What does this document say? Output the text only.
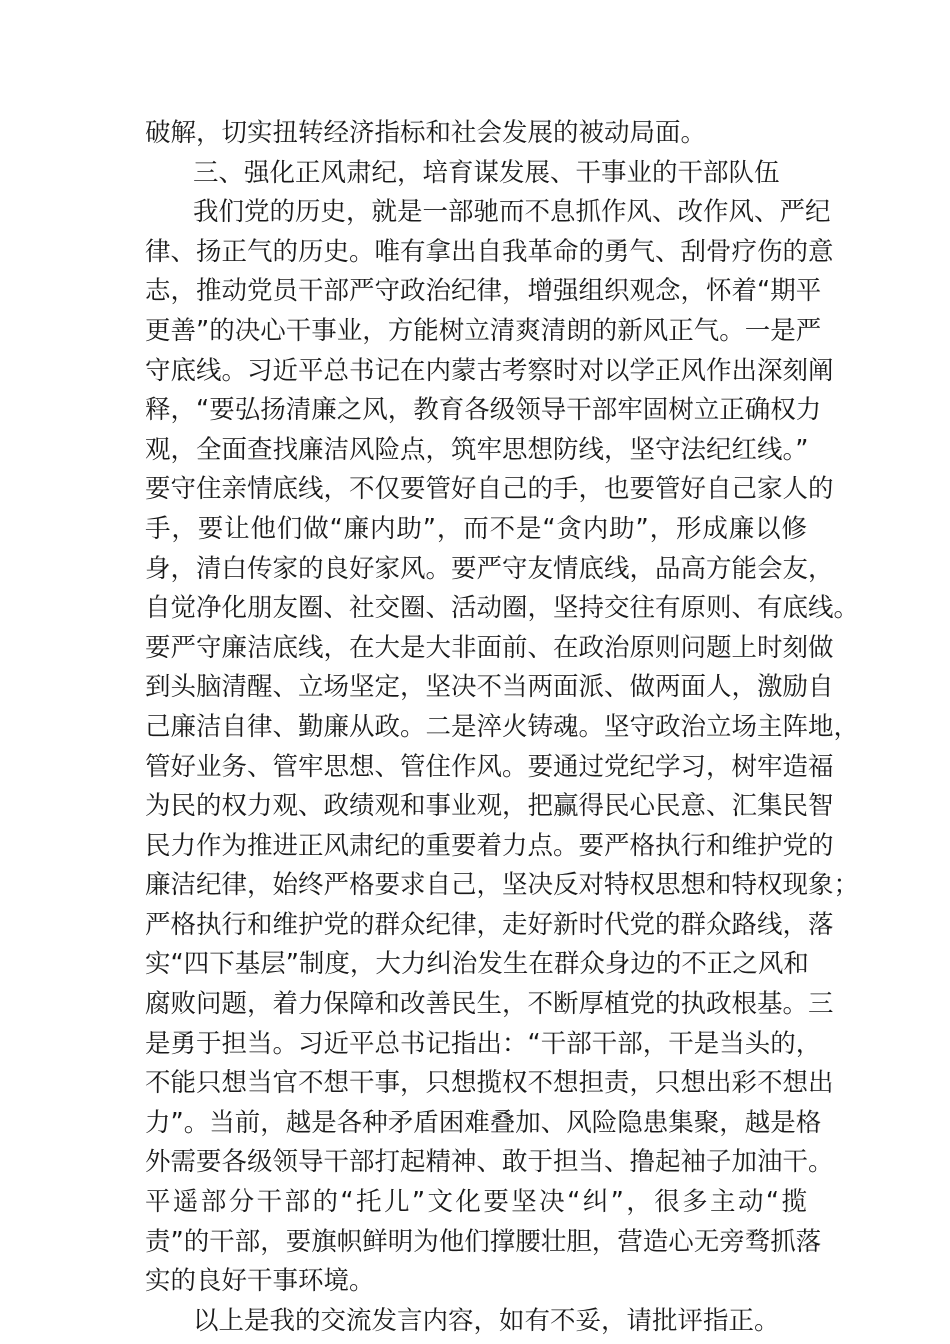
破解，切实扭转经济指标和社会发展的被动局面。
三、强化正风肃纪，培育谋发展、干事业的干部队伍
我们党的历史，就是一部驰而不息抓作风、改作风、严纪
律、扬正气的历史。唯有拿出自我革命的勇气、刮骨疗伤的意
志，推动党员干部严守政治纪律，增强组织观念，怀着“期平
更善”的决心干事业，方能树立清爽清朗的新风正气。一是严
守底线。习近平总书记在内蒙古考察时对以学正风作出深刻阐
释，“要弘扬清廉之风，教育各级领导干部牢固树立正确权力
观，全面查找廉洁风险点，筑牢思想防线，坚守法纪红线。”
要守住亲情底线，不仅要管好自己的手，也要管好自己家人的
手，要让他们做“廉内助”，而不是“贪内助”，形成廉以修
身，清白传家的良好家风。要严守友情底线，品高方能会友，
自觉净化朋友圈、社交圈、活动圈，坚持交往有原则、有底线。
要严守廉洁底线，在大是大非面前、在政治原则问题上时刻做
到头脑清醒、立场坚定，坚决不当两面派、做两面人，激励自
己廉洁自律、勤廉从政。二是淬火铸魂。坚守政治立场主阵地，
管好业务、管牢思想、管住作风。要通过党纪学习，树牢造福
为民的权力观、政绩观和事业观，把赢得民心民意、汇集民智
民力作为推进正风肃纪的重要着力点。要严格执行和维护党的
廉洁纪律，始终严格要求自己，坚决反对特权思想和特权现象；
严格执行和维护党的群众纪律，走好新时代党的群众路线，落
实“四下基层”制度，大力纠治发生在群众身边的不正之风和
腐败问题，着力保障和改善民生，不断厚植党的执政根基。三
是勇于担当。习近平总书记指出：“干部干部，干是当头的，
不能只想当官不想干事，只想揽权不想担责，只想出彩不想出
力”。当前，越是各种矛盾困难叠加、风险隐患集聚，越是格
外需要各级领导干部打起精神、敢于担当、撸起袖子加油干。
平遥部分干部的“托儿”文化要坚决“纠”，很多主动“揽
责”的干部，要旗帜鲜明为他们撑腰壮胆，营造心无旁骛抓落
实的良好干事环境。
以上是我的交流发言内容，如有不妥，请批评指正。
